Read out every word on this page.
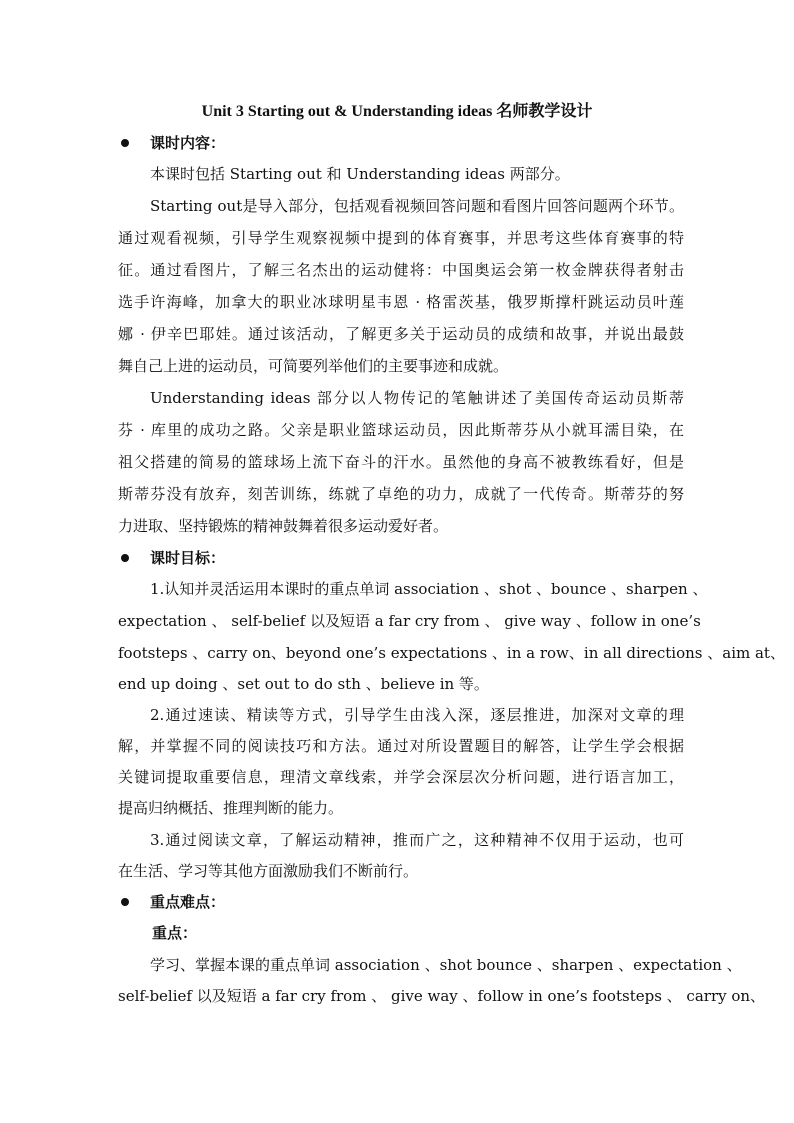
Unit 3 Starting out & Understanding ideas 名师教学设计
课时内容：
本课时包括 Starting out 和 Understanding ideas 两部分。
Starting out是导入部分，包括观看视频回答问题和看图片回答问题两个环节。
通过观看视频，引导学生观察视频中提到的体育赛事，并思考这些体育赛事的特
征。通过看图片，了解三名杰出的运动健将：中国奥运会第一枚金牌获得者射击
选手许海峰，加拿大的职业冰球明星韦恩 · 格雷茨基，俄罗斯撑杆跳运动员叶莲
娜 · 伊辛巴耶娃。通过该活动，了解更多关于运动员的成绩和故事，并说出最鼓
舞自己上进的运动员，可简要列举他们的主要事迹和成就。
Understanding ideas 部分以人物传记的笔触讲述了美国传奇运动员斯蒂
芬 · 库里的成功之路。父亲是职业篮球运动员，因此斯蒂芬从小就耳濡目染，在
祖父搭建的简易的篮球场上流下奋斗的汗水。虽然他的身高不被教练看好，但是
斯蒂芬没有放弃，刻苦训练，练就了卓绝的功力，成就了一代传奇。斯蒂芬的努
力进取、坚持锻炼的精神鼓舞着很多运动爱好者。
课时目标：
1.认知并灵活运用本课时的重点单词 association 、shot 、bounce 、sharpen 、
expectation 、 self-belief 以及短语 a far cry from 、 give way 、follow in one’s
footsteps 、carry on、beyond one’s expectations 、in a row、in all directions 、aim at、
end up doing 、set out to do sth 、believe in 等。
2.通过速读、精读等方式，引导学生由浅入深，逐层推进，加深对文章的理
解，并掌握不同的阅读技巧和方法。通过对所设置题目的解答，让学生学会根据
关键词提取重要信息，理清文章线索，并学会深层次分析问题，进行语言加工，
提高归纳概括、推理判断的能力。
3.通过阅读文章，了解运动精神，推而广之，这种精神不仅用于运动，也可
在生活、学习等其他方面激励我们不断前行。
重点难点：
重点：
学习、掌握本课的重点单词 association 、shot bounce 、sharpen 、expectation 、
self-belief 以及短语 a far cry from 、 give way 、follow in one’s footsteps 、 carry on、
